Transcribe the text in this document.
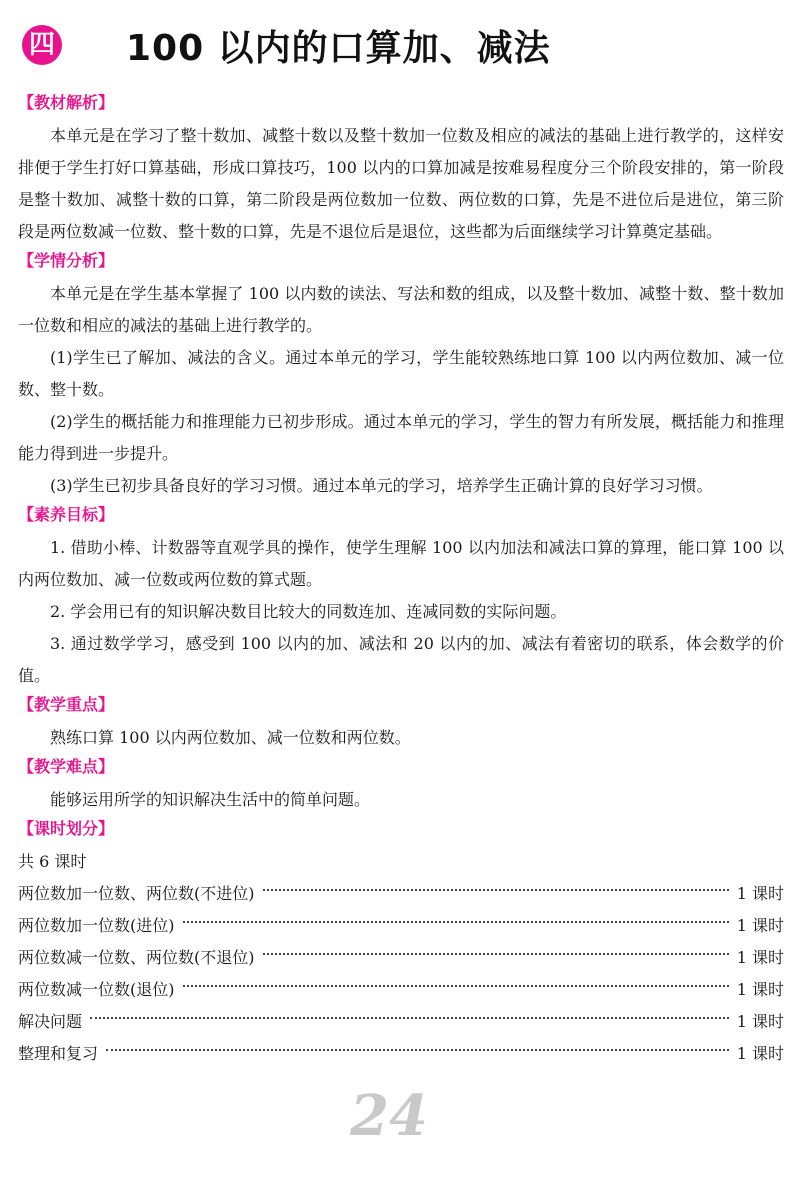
四 100 以内的口算加、减法
【教材解析】

本单元是在学习了整十数加、减整十数以及整十数加一位数及相应的减法的基础上进行教学的，这样安排便于学生打好口算基础，形成口算技巧，100 以内的口算加减是按难易程度分三个阶段安排的，第一阶段是整十数加、减整十数的口算，第二阶段是两位数加一位数、两位数的口算，先是不进位后是进位，第三阶段是两位数减一位数、整十数的口算，先是不退位后是退位，这些都为后面继续学习计算奠定基础。

【学情分析】

本单元是在学生基本掌握了 100 以内数的读法、写法和数的组成，以及整十数加、减整十数、整十数加一位数和相应的减法的基础上进行教学的。

(1)学生已了解加、减法的含义。通过本单元的学习，学生能较熟练地口算 100 以内两位数加、减一位数、整十数。

(2)学生的概括能力和推理能力已初步形成。通过本单元的学习，学生的智力有所发展，概括能力和推理能力得到进一步提升。

(3)学生已初步具备良好的学习习惯。通过本单元的学习，培养学生正确计算的良好学习习惯。

【素养目标】

1. 借助小棒、计数器等直观学具的操作，使学生理解 100 以内加法和减法口算的算理，能口算 100 以内两位数加、减一位数或两位数的算式题。

2. 学会用已有的知识解决数目比较大的同数连加、连减同数的实际问题。

3. 通过数学学习，感受到 100 以内的加、减法和 20 以内的加、减法有着密切的联系，体会数学的价值。

【教学重点】

熟练口算 100 以内两位数加、减一位数和两位数。

【教学难点】

能够运用所学的知识解决生活中的简单问题。

【课时划分】

共 6 课时

两位数加一位数、两位数(不进位)	1 课时
两位数加一位数(进位)	1 课时
两位数减一位数、两位数(不退位)	1 课时
两位数减一位数(退位)	1 课时
解决问题	1 课时
整理和复习	1 课时
24
